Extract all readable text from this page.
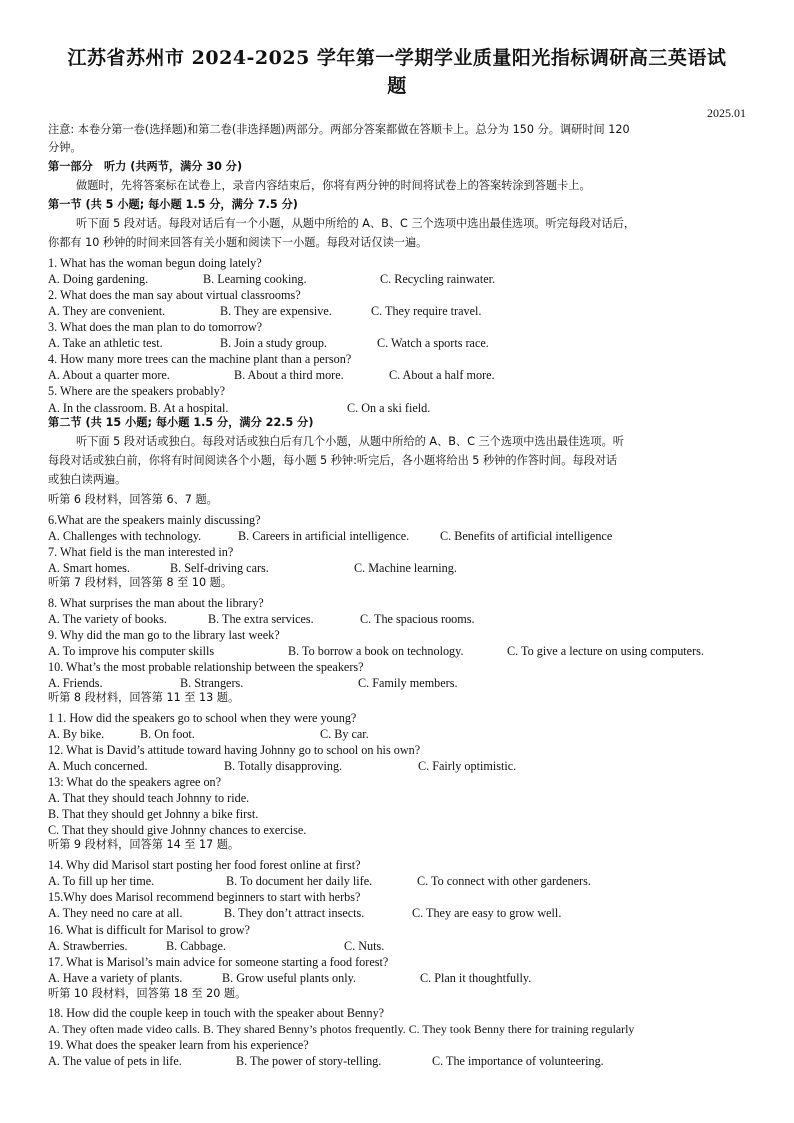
江苏省苏州市 2024-2025 学年第一学期学业质量阳光指标调研高三英语试
题
2025.01
注意: 本卷分第一卷(选择题)和第二卷(非选择题)两部分。两部分答案都做在答顺卡上。总分为 150 分。调研时间 120
分钟。
第一部分　听力 (共两节，满分 30 分)
做题时，先将答案标在试卷上，录音内容结束后，你将有两分钟的时间将试卷上的答案转涂到答题卡上。
第一节 (共 5 小题; 每小题 1.5 分，满分 7.5 分)
听下面 5 段对话。每段对话后有一个小题，从题中所给的 A、B、C 三个选项中选出最佳选项。听完每段对话后，
你都有 10 秒钟的时间来回答有关小题和阅读下一小题。每段对话仅读一遍。
1. What has the woman begun doing lately?
A. Doing gardening.	B. Learning cooking.	C. Recycling rainwater.
2. What does the man say about virtual classrooms?
A. They are convenient.	B. They are expensive.	C. They require travel.
3. What does the man plan to do tomorrow?
A. Take an athletic test.	B. Join a study group.	C. Watch a sports race.
4. How many more trees can the machine plant than a person?
A. About a quarter more.	B. About a third more.	C. About a half more.
5. Where are the speakers probably?
A. In the classroom. B. At a hospital.	C. On a ski field.
第二节 (共 15 小题; 每小题 1.5 分，满分 22.5 分)
听下面 5 段对话或独白。每段对话或独白后有几个小题，从题中所给的 A、B、C 三个选项中选出最佳选项。听
每段对话或独白前，你将有时间阅读各个小题，每小题 5 秒钟:听完后，各小题将给出 5 秒钟的作答时间。每段对话
或独白读两遍。
听第 6 段材料，回答第 6、7 题。
6.What are the speakers mainly discussing?
A. Challenges with technology.	B. Careers in artificial intelligence.	C. Benefits of artificial intelligence
7. What field is the man interested in?
A. Smart homes.	B. Self-driving cars.	C. Machine learning.
听第 7 段材料，回答第 8 至 10 题。
8. What surprises the man about the library?
A. The variety of books.	B. The extra services.	C. The spacious rooms.
9. Why did the man go to the library last week?
A. To improve his computer skills	B. To borrow a book on technology.	C. To give a lecture on using computers.
10. What’s the most probable relationship between the speakers?
A. Friends.	B. Strangers.	C. Family members.
听第 8 段材料，回答第 11 至 13 题。
1 1. How did the speakers go to school when they were young?
A. By bike.	B. On foot.	C. By car.
12. What is David’s attitude toward having Johnny go to school on his own?
A. Much concerned.	B. Totally disapproving.	C. Fairly optimistic.
13: What do the speakers agree on?
A. That they should teach Johnny to ride.
B. That they should get Johnny a bike first.
C. That they should give Johnny chances to exercise.
听第 9 段材料，回答第 14 至 17 题。
14. Why did Marisol start posting her food forest online at first?
A. To fill up her time.	B. To document her daily life.	C. To connect with other gardeners.
15.Why does Marisol recommend beginners to start with herbs?
A. They need no care at all.	B. They don’t attract insects.	C. They are easy to grow well.
16. What is difficult for Marisol to grow?
A. Strawberries.	B. Cabbage.	C. Nuts.
17. What is Marisol’s main advice for someone starting a food forest?
A. Have a variety of plants.	B. Grow useful plants only.	C. Plan it thoughtfully.
听第 10 段材料，回答第 18 至 20 题。
18. How did the couple keep in touch with the speaker about Benny?
A. They often made video calls. B. They shared Benny’s photos frequently. C. They took Benny there for training regularly
19. What does the speaker learn from his experience?
A. The value of pets in life.	B. The power of story-telling.	C. The importance of volunteering.
